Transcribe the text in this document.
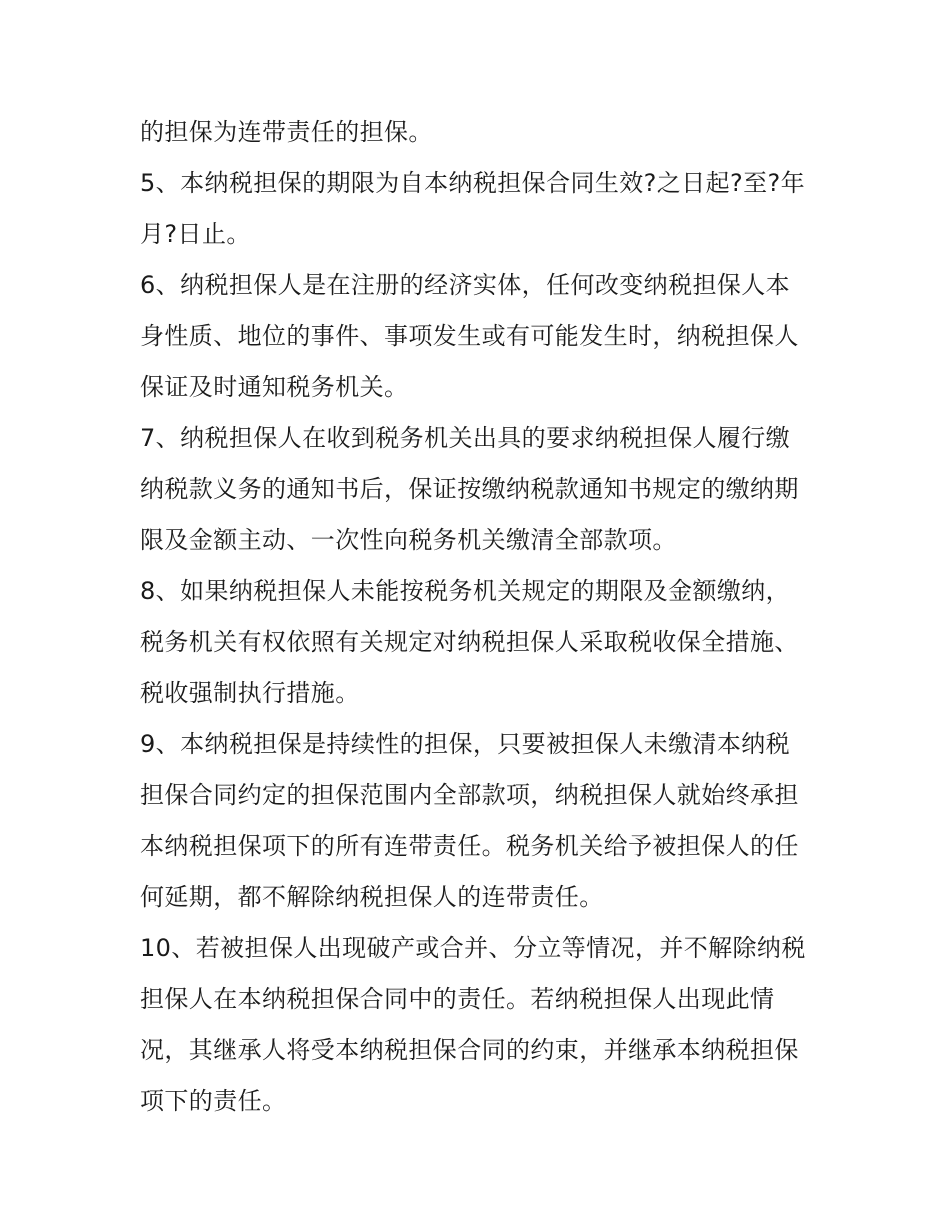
的担保为连带责任的担保。
5、本纳税担保的期限为自本纳税担保合同生效?之日起?至?年
月?日止。
6、纳税担保人是在注册的经济实体，任何改变纳税担保人本
身性质、地位的事件、事项发生或有可能发生时，纳税担保人
保证及时通知税务机关。
7、纳税担保人在收到税务机关出具的要求纳税担保人履行缴
纳税款义务的通知书后，保证按缴纳税款通知书规定的缴纳期
限及金额主动、一次性向税务机关缴清全部款项。
8、如果纳税担保人未能按税务机关规定的期限及金额缴纳，
税务机关有权依照有关规定对纳税担保人采取税收保全措施、
税收强制执行措施。
9、本纳税担保是持续性的担保，只要被担保人未缴清本纳税
担保合同约定的担保范围内全部款项，纳税担保人就始终承担
本纳税担保项下的所有连带责任。税务机关给予被担保人的任
何延期，都不解除纳税担保人的连带责任。
10、若被担保人出现破产或合并、分立等情况，并不解除纳税
担保人在本纳税担保合同中的责任。若纳税担保人出现此情
况，其继承人将受本纳税担保合同的约束，并继承本纳税担保
项下的责任。
